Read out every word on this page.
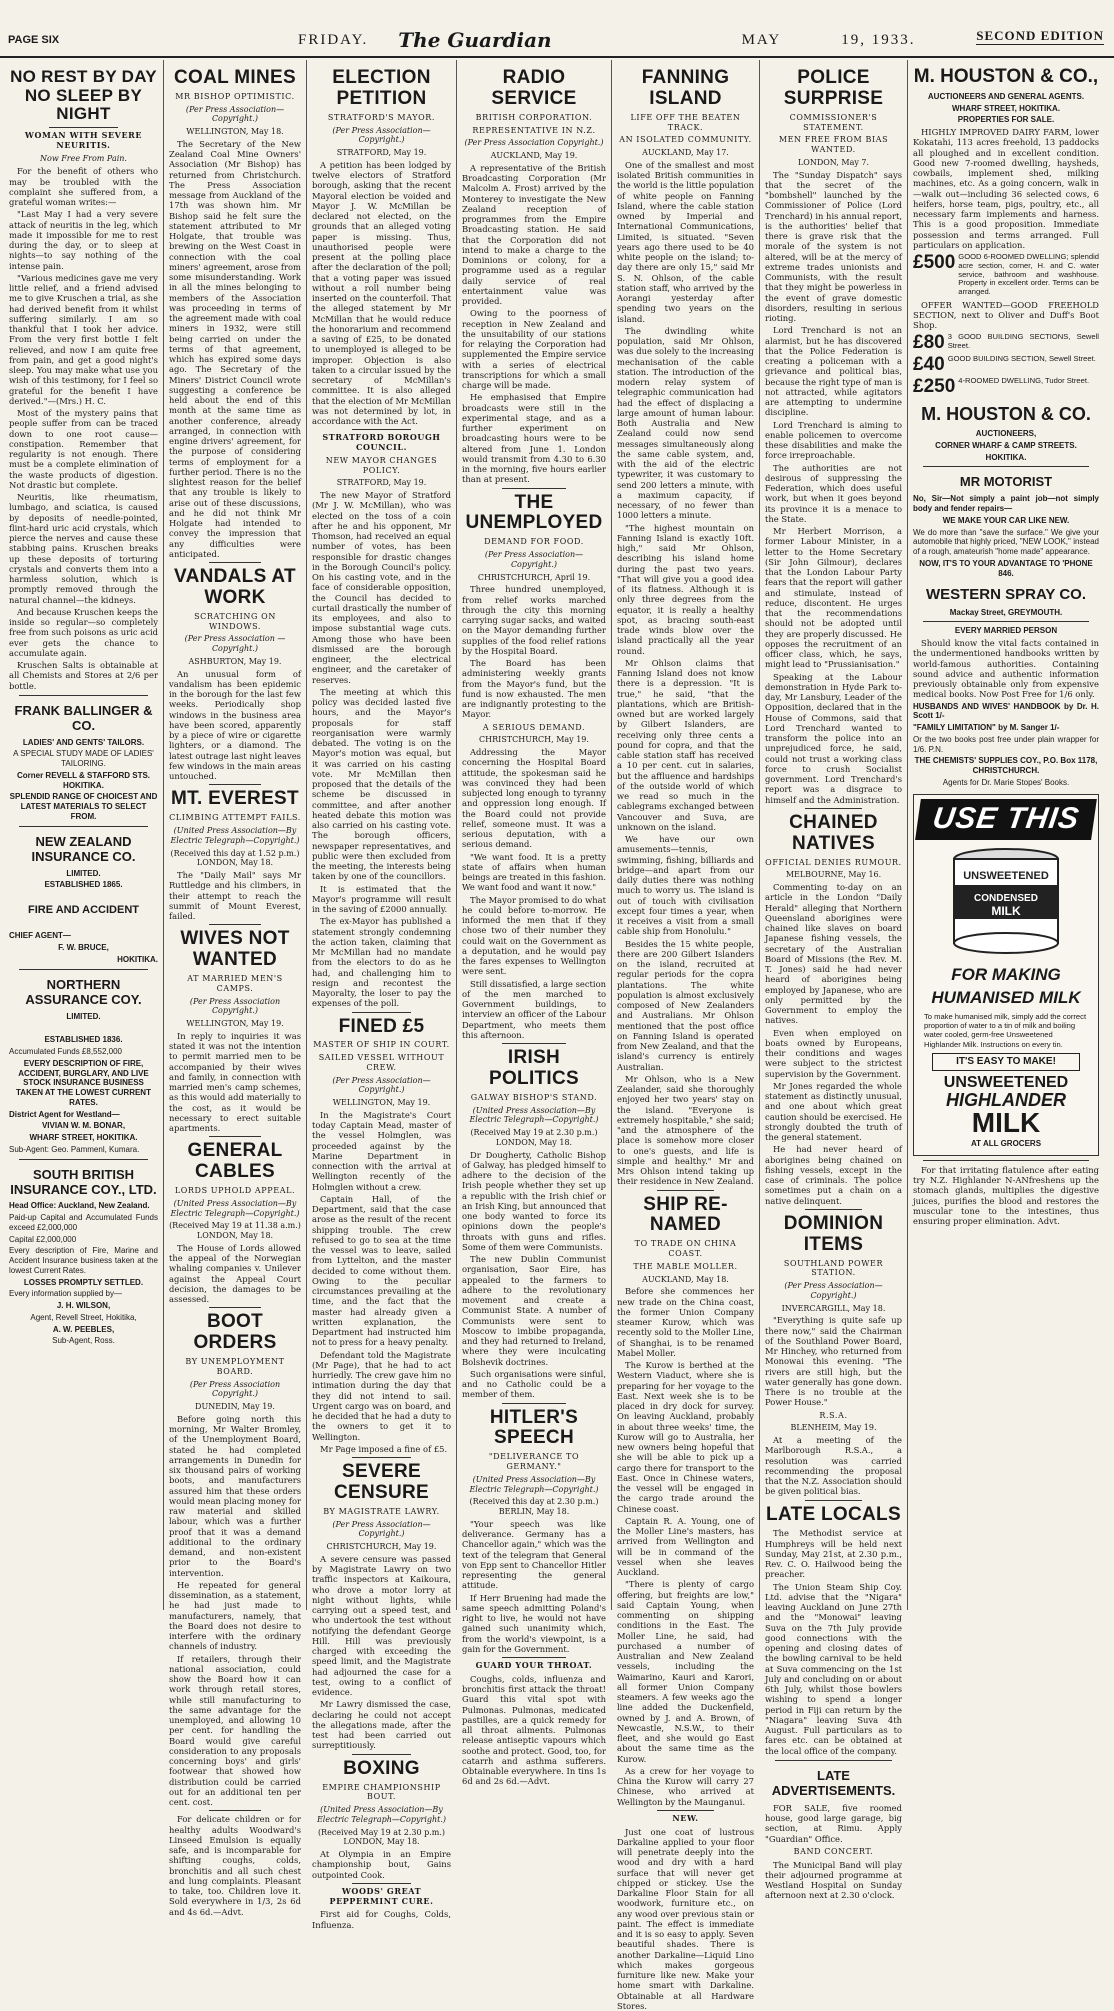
PAGE SIX	FRIDAY. The Guardian	MAY	19, 1933.	SECOND EDITION
NO REST BY DAY NO SLEEP BY NIGHT
WOMAN WITH SEVERE NEURITIS.
Now Free From Pain.

For the benefit of others who may be troubled with the complaint she suffered from, a grateful woman writes:—

"Last May I had a very severe attack of neuritis in the leg, which made it impossible for me to rest during the day, or to sleep at nights—to say nothing of the intense pain.

"Various medicines gave me very little relief, and a friend advised me to give Kruschen a trial, as she had derived benefit from it whilst suffering similarly. I am so thankful that I took her advice. From the very first bottle I felt relieved, and now I am quite free from pain, and get a good night's sleep. You may make what use you wish of this testimony, for I feel so grateful for the benefit I have derived."—(Mrs.) H. C.

Most of the mystery pains that people suffer from can be traced down to one root cause—constipation. Remember that regularity is not enough. There must be a complete elimination of the waste products of digestion. Not drastic but complete.

Neuritis, like rheumatism, lumbago, and sciatica, is caused by deposits of needle-pointed, flint-hard uric acid crystals, which pierce the nerves and cause these stabbing pains. Kruschen breaks up these deposits of torturing crystals and converts them into a harmless solution, which is promptly removed through the natural channel—the kidneys.

And because Kruschen keeps the inside so regular—so completely free from such poisons as uric acid ever gets the chance to accumulate again.

Kruschen Salts is obtainable at all Chemists and Stores at 2/6 per bottle.

FRANK BALLINGER & CO.
LADIES' AND GENTS' TAILORS.
A SPECIAL STUDY MADE OF LADIES' TAILORING.
Corner REVELL & STAFFORD STS. HOKITIKA.
SPLENDID RANGE OF CHOICEST AND LATEST MATERIALS TO SELECT FROM.
NEW ZEALAND INSURANCE CO.
LIMITED.
ESTABLISHED 1865.
FIRE AND ACCIDENT
CHIEF AGENT—
F. W. BRUCE,
HOKITIKA.
NORTHERN ASSURANCE COY.
LIMITED.
ESTABLISHED 1836.
Accumulated Funds £8,552,000
EVERY DESCRIPTION OF FIRE, ACCIDENT, BURGLARY, AND LIVE STOCK INSURANCE BUSINESS TAKEN AT THE LOWEST CURRENT RATES.
District Agent for Westland—
VIVIAN W. M. BONAR,
WHARF STREET, HOKITIKA.
Sub-Agent: Geo. Pammenl, Kumara.
SOUTH BRITISH INSURANCE COY., LTD.
Head Office: Auckland, New Zealand.
Paid-up Capital and Accumulated Funds exceed £2,000,000
Capital £2,000,000
Every description of Fire, Marine and Accident Insurance business taken at the lowest Current Rates.
LOSSES PROMPTLY SETTLED.
Every information supplied by—
J. H. WILSON,
Agent, Revell Street, Hokitika,
A. W. PEEBLES,
Sub-Agent, Ross.
COAL MINES
MR BISHOP OPTIMISTIC.
(Per Press Association— Copyright.)
WELLINGTON, May 18.

The Secretary of the New Zealand Coal Mine Owners' Association (Mr Bishop) has returned from Christchurch. The Press Association message from Auckland of the 17th was shown him. Mr Bishop said he felt sure the statement attributed to Mr Holgate, that trouble was brewing on the West Coast in connection with the coal miners' agreement, arose from some misunderstanding. Work in all the mines belonging to members of the Association was proceeding in terms of the agreement made with coal miners in 1932, were still being carried on under the terms of that agreement, which has expired some days ago. The Secretary of the Miners' District Council wrote suggesting a conference be held about the end of this month at the same time as another conference, already arranged, in connection with engine drivers' agreement, for the purpose of considering terms of employment for a further period. There is no the slightest reason for the belief that any trouble is likely to arise out of these discussions, and he did not think Mr Holgate had intended to convey the impression that any difficulties were anticipated.

VANDALS AT WORK
SCRATCHING ON WINDOWS.
(Per Press Association — Copyright.)
ASHBURTON, May 19.

An unusual form of vandalism has been epidemic in the borough for the last few weeks. Periodically shop windows in the business area have been scored, apparently by a piece of wire or cigarette lighters, or a diamond. The latest outrage last night leaves few windows in the main areas untouched.

MT. EVEREST
CLIMBING ATTEMPT FAILS.
(United Press Association—By Electric Telegraph—Copyright.)
(Received this day at 1.52 p.m.) LONDON, May 18.

The "Daily Mail" says Mr Ruttledge and his climbers, in their attempt to reach the summit of Mount Everest, failed.

WIVES NOT WANTED
AT MARRIED MEN'S CAMPS.
(Per Press Association Copyright.)
WELLINGTON, May 19.

In reply to inquiries it was stated it was not the intention to permit married men to be accompanied by their wives and family, in connection with married men's camp schemes, as this would add materially to the cost, as it would be necessary to erect suitable apartments.

GENERAL CABLES
LORDS UPHOLD APPEAL.
(United Press Association—By Electric Telegraph—Copyright.)
(Received May 19 at 11.38 a.m.) LONDON, May 18.

The House of Lords allowed the appeal of the Norwegian whaling companies v. Unilever against the Appeal Court decision, the damages to be assessed.

BOOT ORDERS
BY UNEMPLOYMENT BOARD.
(Per Press Association Copyright.)
DUNEDIN, May 19.

Before going north this morning, Mr Walter Bromley, of the Unemployment Board, stated he had completed arrangements in Dunedin for six thousand pairs of working boots, and manufacturers assured him that these orders would mean placing money for raw material and skilled labour, which was a further proof that it was a demand additional to the ordinary demand, and non-existent prior to the Board's intervention.

He repeated for general dissemination, as a statement, he had just made to manufacturers, namely, that the Board does not desire to interfere with the ordinary channels of industry.

If retailers, through their national association, could show the Board how it can work through retail stores, while still manufacturing to the same advantage for the unemployed, and allowing 10 per cent. for handling the Board would give careful consideration to any proposals concerning boys' and girls' footwear that showed how distribution could be carried out for an additional ten per cent. cost.

For delicate children or for healthy adults Woodward's Linseed Emulsion is equally safe, and is incomparable for shifting coughs, colds, bronchitis and all such chest and lung complaints. Pleasant to take, too. Children love it. Sold everywhere in 1/3, 2s 6d and 4s 6d.—Advt.

ELECTION PETITION
STRATFORD'S MAYOR.
(Per Press Association— Copyright.)
STRATFORD, May 19.

A petition has been lodged by twelve electors of Stratford borough, asking that the recent Mayoral election be voided and Mayor J. W. McMillan be declared not elected, on the grounds that an alleged voting paper is missing. Thus, unauthorised people were present at the polling place after the declaration of the poll; that a voting paper was issued without a roll number being inserted on the counterfoil. That the alleged statement by Mr McMillan that he would reduce the honorarium and recommend a saving of £25, to be donated to unemployed is alleged to be improper. Objection is also taken to a circular issued by the secretary of McMillan's committee. It is also alleged that the election of Mr McMillan was not determined by lot, in accordance with the Act.

STRATFORD BOROUGH COUNCIL.
NEW MAYOR CHANGES POLICY.
STRATFORD, May 19.

The new Mayor of Stratford (Mr J. W. McMillan), who was elected on the toss of a coin after he and his opponent, Mr Thomson, had received an equal number of votes, has been responsible for drastic changes in the Borough Council's policy. On his casting vote, and in the face of considerable opposition, the Council has decided to curtail drastically the number of its employees, and also to impose substantial wage cuts. Among those who have been dismissed are the borough engineer, the electrical engineer, and the caretaker of reserves.

The meeting at which this policy was decided lasted five hours, and the Mayor's proposals for staff reorganisation were warmly debated. The voting is on the Mayor's motion was equal, but it was carried on his casting vote. Mr McMillan then proposed that the details of the scheme be discussed in committee, and after another heated debate this motion was also carried on his casting vote. The borough officers, newspaper representatives, and public were then excluded from the meeting, the interests being taken by one of the councillors.

It is estimated that the Mayor's programme will result in the saving of £2000 annually.

The ex-Mayor has published a statement strongly condemning the action taken, claiming that Mr McMillan had no mandate from the electors to do as he had, and challenging him to resign and recontest the Mayoralty, the loser to pay the expenses of the poll.

FINED £5
MASTER OF SHIP IN COURT.
SAILED VESSEL WITHOUT CREW.
(Per Press Association— Copyright.)
WELLINGTON, May 19.

In the Magistrate's Court today Captain Mead, master of the vessel Holmglen, was proceeded against by the Marine Department in connection with the arrival at Wellington recently of the Holmglen without a crew.

Captain Hall, of the Department, said that the case arose as the result of the recent shipping trouble. The crew refused to go to sea at the time the vessel was to leave, sailed from Lyttelton, and the master decided to come without them. Owing to the peculiar circumstances prevailing at the time, and the fact that the master had already given a written explanation, the Department had instructed him not to press for a heavy penalty.

Defendant told the Magistrate (Mr Page), that he had to act hurriedly. The crew gave him no intimation during the day that they did not intend to sail. Urgent cargo was on board, and he decided that he had a duty to the owners to get it to Wellington.

Mr Page imposed a fine of £5.

SEVERE CENSURE
BY MAGISTRATE LAWRY.
(Per Press Association—Copyright.)
CHRISTCHURCH, May 19.

A severe censure was passed by Magistrate Lawry on two traffic inspectors at Kaikoura, who drove a motor lorry at night without lights, while carrying out a speed test, and who undertook the test without notifying the defendant George Hill. Hill was previously charged with exceeding the speed limit, and the Magistrate had adjourned the case for a test, owing to a conflict of evidence.

Mr Lawry dismissed the case, declaring he could not accept the allegations made, after the test had been carried out surreptitiously.

BOXING
EMPIRE CHAMPIONSHIP BOUT.
(United Press Association—By Electric Telegraph—Copyright.)
(Received May 19 at 2.30 p.m.) LONDON, May 18.

At Olympia in an Empire championship bout, Gains outpointed Cook.

WOODS' GREAT PEPPERMINT CURE.

First aid for Coughs, Colds, Influenza.

RADIO SERVICE
BRITISH CORPORATION.
REPRESENTATIVE IN N.Z.
(Per Press Association Copyright.)
AUCKLAND, May 19.

A representative of the British Broadcasting Corporation (Mr Malcolm A. Frost) arrived by the Monterey to investigate the New Zealand reception of programmes from the Empire Broadcasting station. He said that the Corporation did not intend to make a charge to the Dominions or colony, for a programme used as a regular daily service of real entertainment value was provided.

Owing to the poorness of reception in New Zealand and the unsuitability of our stations for relaying the Corporation had supplemented the Empire service with a series of electrical transcriptions for which a small charge will be made.

He emphasised that Empire broadcasts were still in the experimental stage, and as a further experiment on broadcasting hours were to be altered from June 1. London would transmit from 4.30 to 6.30 in the morning, five hours earlier than at present.

THE UNEMPLOYED
DEMAND FOR FOOD.
(Per Press Association—Copyright.)
CHRISTCHURCH, April 19.

Three hundred unemployed, from relief works marched through the city this morning carrying sugar sacks, and waited on the Mayor demanding further supplies of the food relief rations by the Hospital Board.

The Board has been administering weekly grants from the Mayor's fund, but the fund is now exhausted. The men are indignantly protesting to the Mayor.

A SERIOUS DEMAND.
CHRISTCHURCH, May 19.

Addressing the Mayor concerning the Hospital Board attitude, the spokesman said he was convinced they had been subjected long enough to tyranny and oppression long enough. If the Board could not provide relief, someone must. It was a serious deputation, with a serious demand.

"We want food. It is a pretty state of affairs when human beings are treated in this fashion. We want food and want it now."

The Mayor promised to do what he could before to-morrow. He informed the men that if they chose two of their number they could wait on the Government as a deputation, and he would pay the fares expenses to Wellington were sent.

Still dissatisfied, a large section of the men marched to Government buildings, to interview an officer of the Labour Department, who meets them this afternoon.

IRISH POLITICS
GALWAY BISHOP'S STAND.
(United Press Association—By Electric Telegraph—Copyright.)
(Received May 19 at 2.30 p.m.) LONDON, May 18.

Dr Dougherty, Catholic Bishop of Galway, has pledged himself to adhere to the decision of the Irish people whether they set up a republic with the Irish chief or an Irish King, but announced that one body wanted to force its opinions down the people's throats with guns and rifles. Some of them were Communists.

The new Dublin Communist organisation, Saor Eire, has appealed to the farmers to adhere to the revolutionary movement and create a Communist State. A number of Communists were sent to Moscow to imbibe propaganda, and they had returned to Ireland, where they were inculcating Bolshevik doctrines.

Such organisations were sinful, and no Catholic could be a member of them.

HITLER'S SPEECH
"DELIVERANCE TO GERMANY."
(United Press Association—By Electric Telegraph—Copyright.)
(Received this day at 2.30 p.m.) BERLIN, May 18.

"Your speech was like deliverance. Germany has a Chancellor again," which was the text of the telegram that General von Epp sent to Chancellor Hitler representing the general attitude.

If Herr Bruening had made the same speech admitting Poland's right to live, he would not have gained such unanimity which, from the world's viewpoint, is a gain for the Government.

GUARD YOUR THROAT.

Coughs, colds, influenza and bronchitis first attack the throat! Guard this vital spot with Pulmonas. Pulmonas, medicated pastilles, are a quick remedy for all throat ailments. Pulmonas release antiseptic vapours which soothe and protect. Good, too, for catarrh and asthma sufferers. Obtainable everywhere. In tins 1s 6d and 2s 6d.—Advt.

FANNING ISLAND
LIFE OFF THE BEATEN TRACK.
AN ISOLATED COMMUNITY.
AUCKLAND, May 17.

One of the smallest and most isolated British communities in the world is the little population of white people on Fanning Island, where the cable station owned by Imperial and International Communications, Limited, is situated. "Seven years ago there used to be 40 white people on the island; to-day there are only 15," said Mr S. N. Ohlson, of the cable station staff, who arrived by the Aorangi yesterday after spending two years on the island.

The dwindling white population, said Mr Ohlson, was due solely to the increasing mechanisation of the cable station. The introduction of the modern relay system of telegraphic communication had had the effect of displacing a large amount of human labour. Both Australia and New Zealand could now send messages simultaneously along the same cable system, and, with the aid of the electric typewriter, it was customary to send 200 letters a minute, with a maximum capacity, if necessary, of no fewer than 1000 letters a minute.

"The highest mountain on Fanning Island is exactly 10ft. high," said Mr Ohlson, describing his island home during the past two years. "That will give you a good idea of its flatness. Although it is only three degrees from the equator, it is really a healthy spot, as bracing south-east trade winds blow over the island practically all the year round.

Mr Ohlson claims that Fanning Island does not know there is a depression. "It is true," he said, "that the plantations, which are British-owned but are worked largely by Gilbert Islanders, are receiving only three cents a pound for copra, and that the cable station staff has received a 10 per cent. cut in salaries, but the affluence and hardships of the outside world of which we read so much in the cablegrams exchanged between Vancouver and Suva, are unknown on the island.

We have our own amusements—tennis, swimming, fishing, billiards and bridge—and apart from our daily duties there was nothing much to worry us. The island is out of touch with civilisation except four times a year, when it receives a visit from a small cable ship from Honolulu."

Besides the 15 white people, there are 200 Gilbert Islanders on the island, recruited at regular periods for the copra plantations. The white population is almost exclusively composed of New Zealanders and Australians. Mr Ohlson mentioned that the post office on Fanning Island is operated from New Zealand, and that the island's currency is entirely Australian.

Mr Ohlson, who is a New Zealander, said she thoroughly enjoyed her two years' stay on the island. "Everyone is extremely hospitable," she said; "and the atmosphere of the place is somehow more closer to one's guests, and life is simple and healthy." Mr and Mrs Ohlson intend taking up their residence in New Zealand.

SHIP RE-NAMED
TO TRADE ON CHINA COAST.
THE MABLE MOLLER.
AUCKLAND, May 18.

Before she commences her new trade on the China coast, the former Union Company steamer Kurow, which was recently sold to the Moller Line, of Shanghai, is to be renamed Mabel Moller.

The Kurow is berthed at the Western Viaduct, where she is preparing for her voyage to the East. Next week she is to be placed in dry dock for survey. On leaving Auckland, probably in about three weeks' time, the Kurow will go to Australia, her new owners being hopeful that she will be able to pick up a cargo there for transport to the East. Once in Chinese waters, the vessel will be engaged in the cargo trade around the Chinese coast.

Captain R. A. Young, one of the Moller Line's masters, has arrived from Wellington and will be in command of the vessel when she leaves Auckland.

"There is plenty of cargo offering, but freights are low," said Captain Young, when commenting on shipping conditions in the East. The Moller Line, he said, had purchased a number of Australian and New Zealand vessels, including the Waimarino, Kauri and Karori, all former Union Company steamers. A few weeks ago the line added the Duckenfield, owned by J. and A. Brown, of Newcastle, N.S.W., to their fleet, and she would go East about the same time as the Kurow.

As a crew for her voyage to China the Kurow will carry 27 Chinese, who arrived at Wellington by the Maunganui.

NEW.

Just one coat of lustrous Darkaline applied to your floor will penetrate deeply into the wood and dry with a hard surface that will never get chipped or stickey. Use the Darkaline Floor Stain for all woodwork, furniture etc., on any wood over previous stain or paint. The effect is immediate and it is so easy to apply. Seven beautiful shades. There is another Darkaline—Liquid Lino which makes gorgeous furniture like new. Make your home smart with Darkaline. Obtainable at all Hardware Stores.

POLICE SURPRISE
COMMISSIONER'S STATEMENT.
MEN FREE FROM BIAS WANTED.
LONDON, May 7.

The "Sunday Dispatch" says that the secret of the "bombshell" launched by the Commissioner of Police (Lord Trenchard) in his annual report, is the authorities' belief that there is grave risk that the morale of the system is not altered, will be at the mercy of extreme trades unionists and Communists, with the result that they might be powerless in the event of grave domestic disorders, resulting in serious rioting.

Lord Trenchard is not an alarmist, but he has discovered that the Police Federation is creating a policeman with a grievance and political bias, because the right type of man is not attracted, while agitators are attempting to undermine discipline.

Lord Trenchard is aiming to enable policemen to overcome these disabilities and make the force irreproachable.

The authorities are not desirous of suppressing the Federation, which does useful work, but when it goes beyond its province it is a menace to the State.

Mr Herbert Morrison, a former Labour Minister, in a letter to the Home Secretary (Sir John Gilmour), declares that the London Labour Party fears that the report will gather and stimulate, instead of reduce, discontent. He urges that the recommendations should not be adopted until they are properly discussed. He opposes the recruitment of an officer class, which, he says, might lead to "Prussianisation."

Speaking at the Labour demonstration in Hyde Park to-day, Mr Lansbury, Leader of the Opposition, declared that in the House of Commons, said that Lord Trenchard wanted to transform the police into an unprejudiced force, he said, could not trust a working class force to crush Socialist government. Lord Trenchard's report was a disgrace to himself and the Administration.

CHAINED NATIVES
OFFICIAL DENIES RUMOUR.
MELBOURNE, May 16.

Commenting to-day on an article in the London "Daily Herald" alleging that Northern Queensland aborigines were chained like slaves on board Japanese fishing vessels, the secretary of the Australian Board of Missions (the Rev. M. T. Jones) said he had never heard of aborigines being employed by Japanese, who are only permitted by the Government to employ the natives.

Even when employed on boats owned by Europeans, their conditions and wages were subject to the strictest supervision by the Government.

Mr Jones regarded the whole statement as distinctly unusual, and one about which great caution should be exercised. He strongly doubted the truth of the general statement.

He had never heard of aborigines being chained on fishing vessels, except in the case of criminals. The police sometimes put a chain on a native delinquent.

DOMINION ITEMS
SOUTHLAND POWER STATION.
(Per Press Association— Copyright.)
INVERCARGILL, May 18.

"Everything is quite safe up there now," said the Chairman of the Southland Power Board, Mr Hinchey, who returned from Monowai this evening. "The rivers are still high, but the water generally has gone down. There is no trouble at the Power House."

R.S.A.
BLENHEIM, May 19.

At a meeting of the Marlborough R.S.A., a resolution was carried recommending the proposal that the N.Z. Association should be given political bias.

LATE LOCALS

The Methodist service at Humphreys will be held next Sunday, May 21st, at 2.30 p.m., Rev. C. O. Hailwood being the preacher.

The Union Steam Ship Coy. Ltd. advise that the "Nigara" leaving Auckland on June 27th and the "Monowai" leaving Suva on the 7th July provide good connections with the opening and closing dates of the bowling carnival to be held at Suva commencing on the 1st July and concluding on or about 6th July, whilst those bowlers wishing to spend a longer period in Fiji can return by the "Niagara" leaving Suva 4th August. Full particulars as to fares etc. can be obtained at the local office of the company.

LATE ADVERTISEMENTS.

FOR SALE, five roomed house, good large garage, big section, at Rimu. Apply "Guardian" Office.

BAND CONCERT.

The Municipal Band will play their adjourned programme at Westland Hospital on Sunday afternoon next at 2.30 o'clock.

M. HOUSTON & CO.,
AUCTIONEERS AND GENERAL AGENTS.
WHARF STREET, HOKITIKA.
PROPERTIES FOR SALE.

HIGHLY IMPROVED DAIRY FARM, lower Kokatahi, 113 acres freehold, 13 paddocks all ploughed and in excellent condition. Good new 7-roomed dwelling, haysheds, cowbails, implement shed, milking machines, etc. As a going concern, walk in—walk out—including 36 selected cows, 6 heifers, horse team, pigs, poultry, etc., all necessary farm implements and harness. This is a good proposition. Immediate possession and terms arranged. Full particulars on application.

£500 GOOD 6-ROOMED DWELLING; splendid acre section, corner, H. and C. water service, bathroom and washhouse. Property in excellent order. Terms can be arranged.

OFFER WANTED—GOOD FREEHOLD SECTION, next to Oliver and Duff's Boot Shop.

£80 3 GOOD BUILDING SECTIONS, Sewell Street.
£40 GOOD BUILDING SECTION, Sewell Street.
£250 4-ROOMED DWELLING, Tudor Street.
M. HOUSTON & CO.
AUCTIONEERS,
CORNER WHARF & CAMP STREETS.
HOKITIKA.
MR MOTORIST
No, Sir—Not simply a paint job—not simply body and fender repairs—
WE MAKE YOUR CAR LIKE NEW.
We do more than "save the surface." We give your automobile that highly priced, "NEW LOOK," instead of a rough, amateurish "home made" appearance.
NOW, IT'S TO YOUR ADVANTAGE TO 'PHONE 846.
WESTERN SPRAY CO.
Mackay Street, GREYMOUTH.
EVERY MARRIED PERSON

Should know the vital facts contained in the undermentioned handbooks written by world-famous authorities. Containing sound advice and authentic information previously obtainable only from expensive medical books. Now Post Free for 1/6 only.

HUSBANDS AND WIVES' HANDBOOK by Dr. H. Scott 1/-
"FAMILY LIMITATION" by M. Sanger 1/-
Or the two books post free under plain wrapper for 1/6. P.N.
THE CHEMISTS' SUPPLIES COY., P.O. Box 1178, CHRISTCHURCH.
Agents for Dr. Marie Stopes' Books.
USE THIS
UNSWEETENED
CONDENSED
MILK
FOR MAKING
HUMANISED MILK
To make humanised milk, simply add the correct proportion of water to a tin of milk and boiling water cooled, germ-free Unsweetened Highlander Milk. Instructions on every tin.
IT'S EASY TO MAKE!
UNSWEETENED
HIGHLANDER
MILK
AT ALL GROCERS

For that irritating flatulence after eating try N.Z. Highlander N-ANfreshens up the stomach glands, multiplies the digestive juices, purifies the blood and restores the muscular tone to the intestines, thus ensuring proper elimination. Advt.
